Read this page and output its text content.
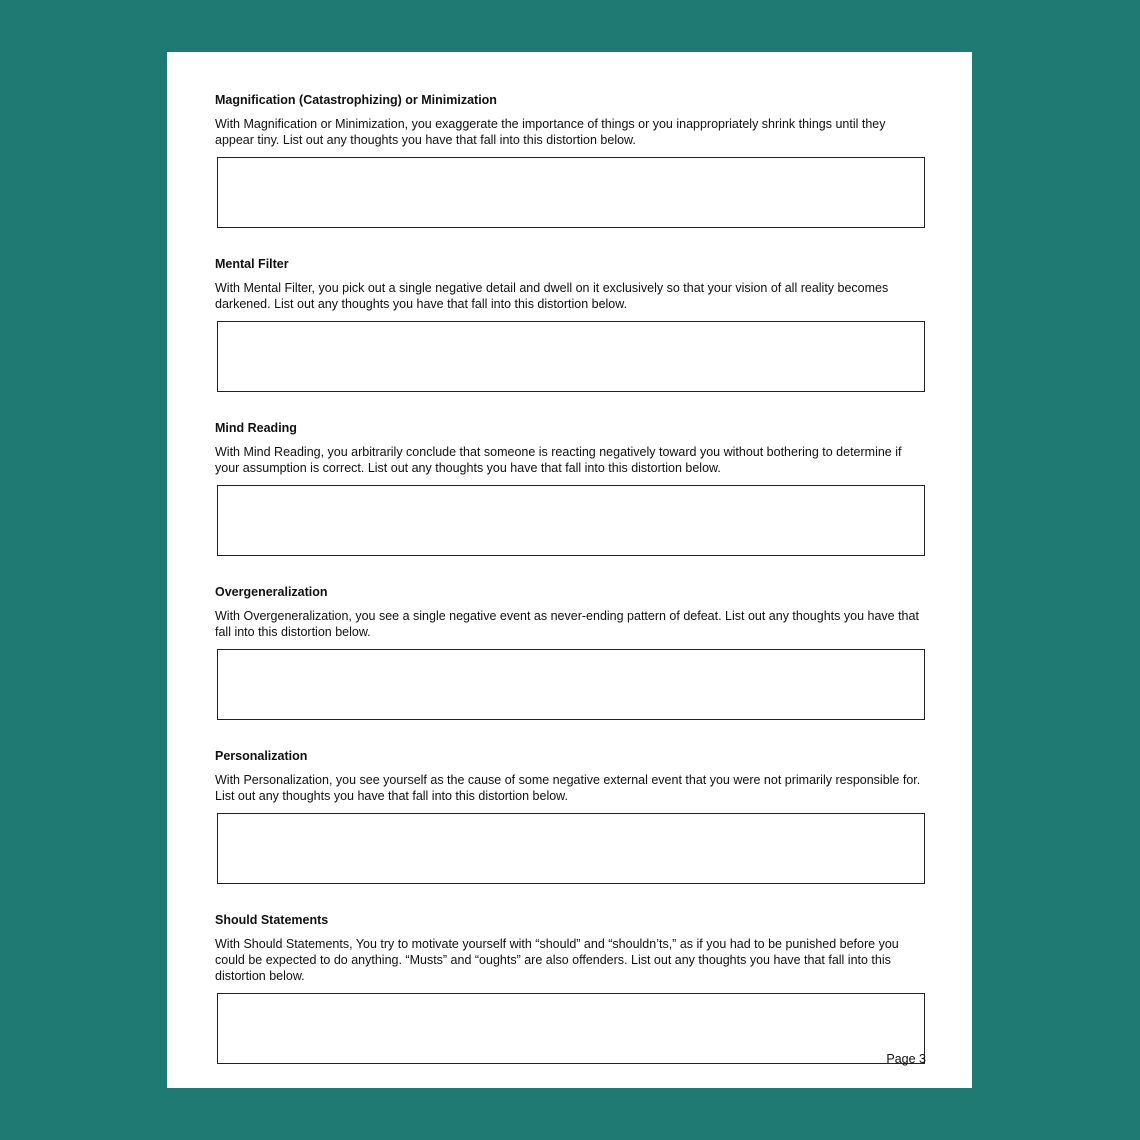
Magnification (Catastrophizing) or Minimization
With Magnification or Minimization, you exaggerate the importance of things or you inappropriately shrink things until they appear tiny. List out any thoughts you have that fall into this distortion below.
Mental Filter
With Mental Filter, you pick out a single negative detail and dwell on it exclusively so that your vision of all reality becomes darkened. List out any thoughts you have that fall into this distortion below.
Mind Reading
With Mind Reading, you arbitrarily conclude that someone is reacting negatively toward you without bothering to determine if your assumption is correct. List out any thoughts you have that fall into this distortion below.
Overgeneralization
With Overgeneralization, you see a single negative event as never-ending pattern of defeat. List out any thoughts you have that fall into this distortion below.
Personalization
With Personalization, you see yourself as the cause of some negative external event that you were not primarily responsible for. List out any thoughts you have that fall into this distortion below.
Should Statements
With Should Statements, You try to motivate yourself with “should” and “shouldn’ts,” as if you had to be punished before you could be expected to do anything. “Musts” and “oughts” are also offenders. List out any thoughts you have that fall into this distortion below.
Page 3
